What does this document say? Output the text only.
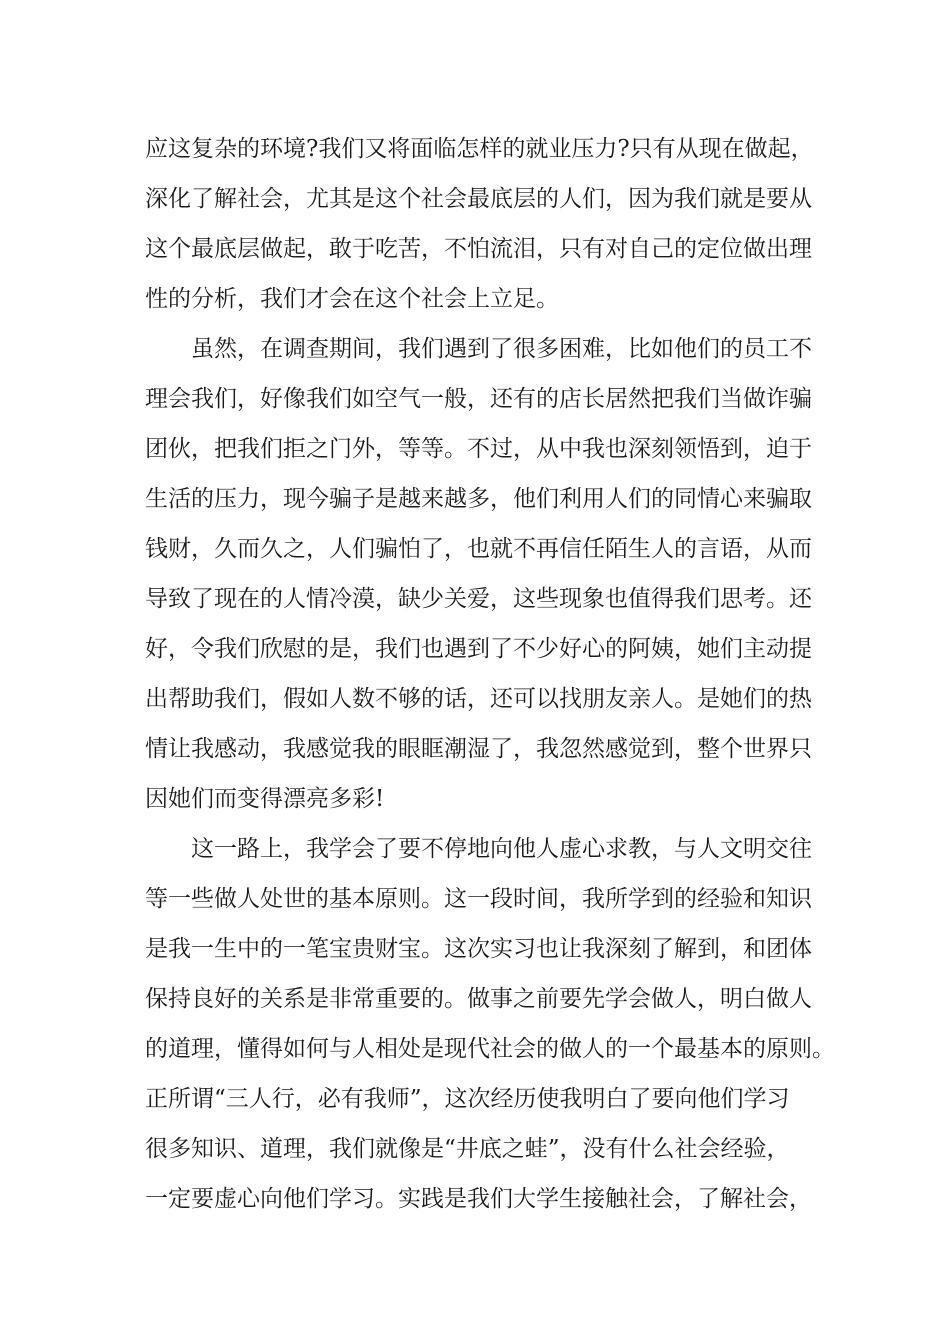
应这复杂的环境?我们又将面临怎样的就业压力?只有从现在做起，
深化了解社会，尤其是这个社会最底层的人们，因为我们就是要从
这个最底层做起，敢于吃苦，不怕流泪，只有对自己的定位做出理
性的分析，我们才会在这个社会上立足。
虽然，在调查期间，我们遇到了很多困难，比如他们的员工不
理会我们，好像我们如空气一般，还有的店长居然把我们当做诈骗
团伙，把我们拒之门外，等等。不过，从中我也深刻领悟到，迫于
生活的压力，现今骗子是越来越多，他们利用人们的同情心来骗取
钱财，久而久之，人们骗怕了，也就不再信任陌生人的言语，从而
导致了现在的人情冷漠，缺少关爱，这些现象也值得我们思考。还
好，令我们欣慰的是，我们也遇到了不少好心的阿姨，她们主动提
出帮助我们，假如人数不够的话，还可以找朋友亲人。是她们的热
情让我感动，我感觉我的眼眶潮湿了，我忽然感觉到，整个世界只
因她们而变得漂亮多彩!
这一路上，我学会了要不停地向他人虚心求教，与人文明交往
等一些做人处世的基本原则。这一段时间，我所学到的经验和知识
是我一生中的一笔宝贵财宝。这次实习也让我深刻了解到，和团体
保持良好的关系是非常重要的。做事之前要先学会做人，明白做人
的道理，懂得如何与人相处是现代社会的做人的一个最基本的原则。
正所谓“三人行，必有我师”，这次经历使我明白了要向他们学习
很多知识、道理，我们就像是“井底之蛙”，没有什么社会经验，
一定要虚心向他们学习。实践是我们大学生接触社会，了解社会，
